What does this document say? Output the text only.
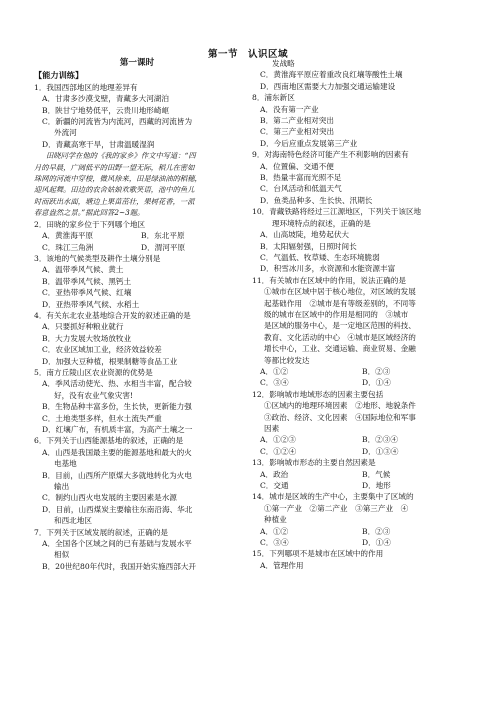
第一节　认识区域
第一课时
【能力训练】
1．我国西部地区的地理差异有
A．甘肃多沙漠戈壁，青藏多大河湖泊
B．陕甘宁地势低平，云贵川地形崎岖
C．新疆的河流皆为内流河，西藏的河流皆为
外流河
D．青藏高寒干旱，甘肃温暖湿润
田晓同学在他的《我的家乡》作文中写道：“四
月的早晨，广阔低平的田野一望无际，稻儿在密如
珠网的河流中穿梭，微风徐来，田是绿油油的稻穗，
迎风起舞。田边的农舍姑娘欢歌笑语，池中的鱼儿
时而跃出水面，塘边上果苗茁壮，果树花香，一派
春意盎然之景。”据此回答2~3题。
2．田晓的家乡位于下列哪个地区
A．黄淮海平原	B．东北平原
C．珠江三角洲	D．渭河平原
3．该地的气候类型及耕作土壤分别是
A．温带季风气候、黄土
B．温带季风气候、黑钙土
C．亚热带季风气候、红壤
D．亚热带季风气候、水稻土
4．有关东北农业基地综合开发的叙述正确的是
A．只要抓好种粮业就行
B．大力发展大牧场放牧业
C．农业区域加工业，经济效益较差
D．加强大豆种植，根果制糖等食品工业
5．南方丘陵山区农业资源的优势是
A．季风活动使光、热、水相当丰富，配合较
好，没有农业气象灾害!
B．生物品种丰富多份，生长快，更新能力强
C．土地类型多样，但水土流失严重
D．红壤广布，有机质丰富，为高产土壤之一
6．下列关于山西能源基地的叙述，正确的是
A．山西是我国最主要的能源基地和最大的火
电基地
B．目前，山西所产原煤大多就地转化为火电
输出
C．制约山西火电发展的主要因素是水源
D．目前，山西煤炭主要输往东南沿海、华北
和西北地区
7．下列关于区域发展的叙述，正确的是
A．全国各个区域之间的已有基础与发展水平
相似
B．20世纪80年代时，我国开始实施西部大开
发战略
C．黄淮海平原应着重改良红壤等酸性土壤
D．西南地区需要大力加强交通运输建设
8．浦东新区
A．没有第一产业
B．第二产业相对突出
C．第三产业相对突出
D．今后应重点发展第三产业
9．对海南特色经济可能产生不利影响的因素有
A．位置偏、交通不便
B．热量丰富而光照不足
C．台风活动和低温天气
D．鱼类品种多、生长快、汛期长
10．青藏铁路将经过三江源地区，下列关于该区地
理环境特点的叙述，正确的是
A．山高坡陡，地势起伏大
B．太阳辐射强，日照时间长
C．气温低、牧草矮、生态环境脆弱
D．积雪冰川多，水资源和水能资源丰富
11．有关城市在区域中的作用，说法正确的是
①城市在区域中居于核心地位，对区域的发展
起基础作用　②城市是有等级差别的，不同等
级的城市在区域中的作用是相同的　③城市
是区域的服务中心，是一定地区范围的科技、
教育、文化活动的中心　④城市是区域经济的
增长中心，工业、交通运输、商业贸易、金融
等都比较发达
A．①②	B．②③
C．③④	D．①④
12．影响城市地域形态的因素主要包括
①区域内的地理环境因素　②地形、地貌条件
③政治、经济、文化因素　④国际地位和军事
因素
A．①②③	B．②③④
C．①②④	D．①③④
13．影响城市形态的主要自然因素是
A．政治	B．气候
C．交通	D．地形
14．城市是区域的生产中心，主要集中了区域的
①第一产业　②第二产业　③第三产业　④
种植业
A．①②	B．②③
C．③④	D．①④
15．下列哪项不是城市在区域中的作用
A．管理作用
